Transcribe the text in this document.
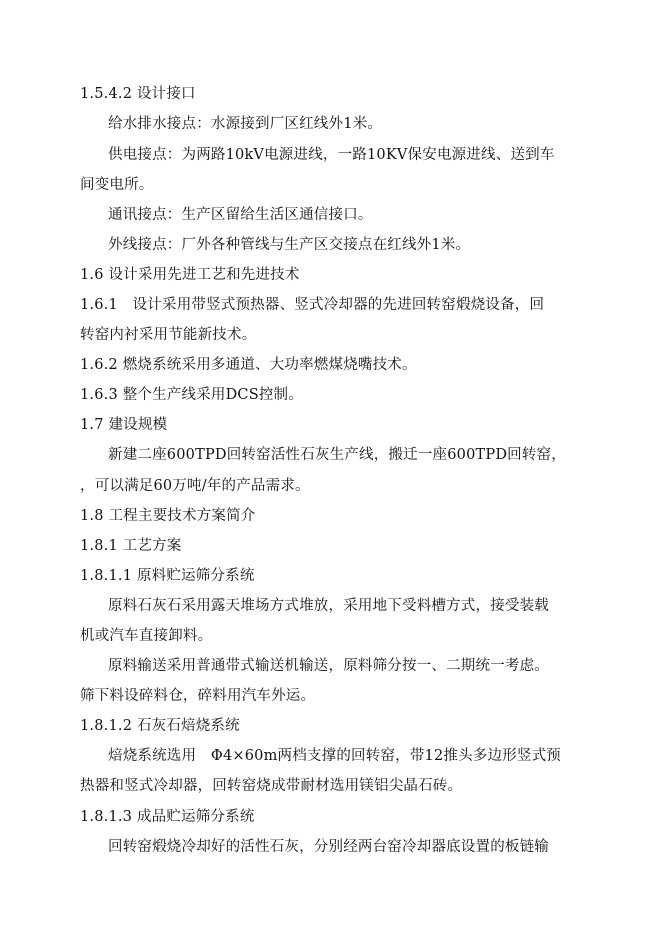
1.5.4.2 设计接口
给水排水接点：水源接到厂区红线外1米。
供电接点：为两路10kV电源进线，一路10KV保安电源进线、送到车
间变电所。
通讯接点：生产区留给生活区通信接口。
外线接点：厂外各种管线与生产区交接点在红线外1米。
1.6 设计采用先进工艺和先进技术
1.6.1　设计采用带竖式预热器、竖式冷却器的先进回转窑煅烧设备，回
转窑内衬采用节能新技术。
1.6.2 燃烧系统采用多通道、大功率燃煤烧嘴技术。
1.6.3 整个生产线采用DCS控制。
1.7 建设规模
新建二座600TPD回转窑活性石灰生产线，搬迁一座600TPD回转窑，
，可以满足60万吨/年的产品需求。
1.8 工程主要技术方案简介
1.8.1 工艺方案
1.8.1.1 原料贮运筛分系统
原料石灰石采用露天堆场方式堆放，采用地下受料槽方式，接受装载
机或汽车直接卸料。
原料输送采用普通带式输送机输送，原料筛分按一、二期统一考虑。
筛下料设碎料仓，碎料用汽车外运。
1.8.1.2 石灰石焙烧系统
焙烧系统选用　Φ4×60m两档支撑的回转窑，带12推头多边形竖式预
热器和竖式冷却器，回转窑烧成带耐材选用镁铝尖晶石砖。
1.8.1.3 成品贮运筛分系统
回转窑煅烧冷却好的活性石灰，分别经两台窑冷却器底设置的板链输
